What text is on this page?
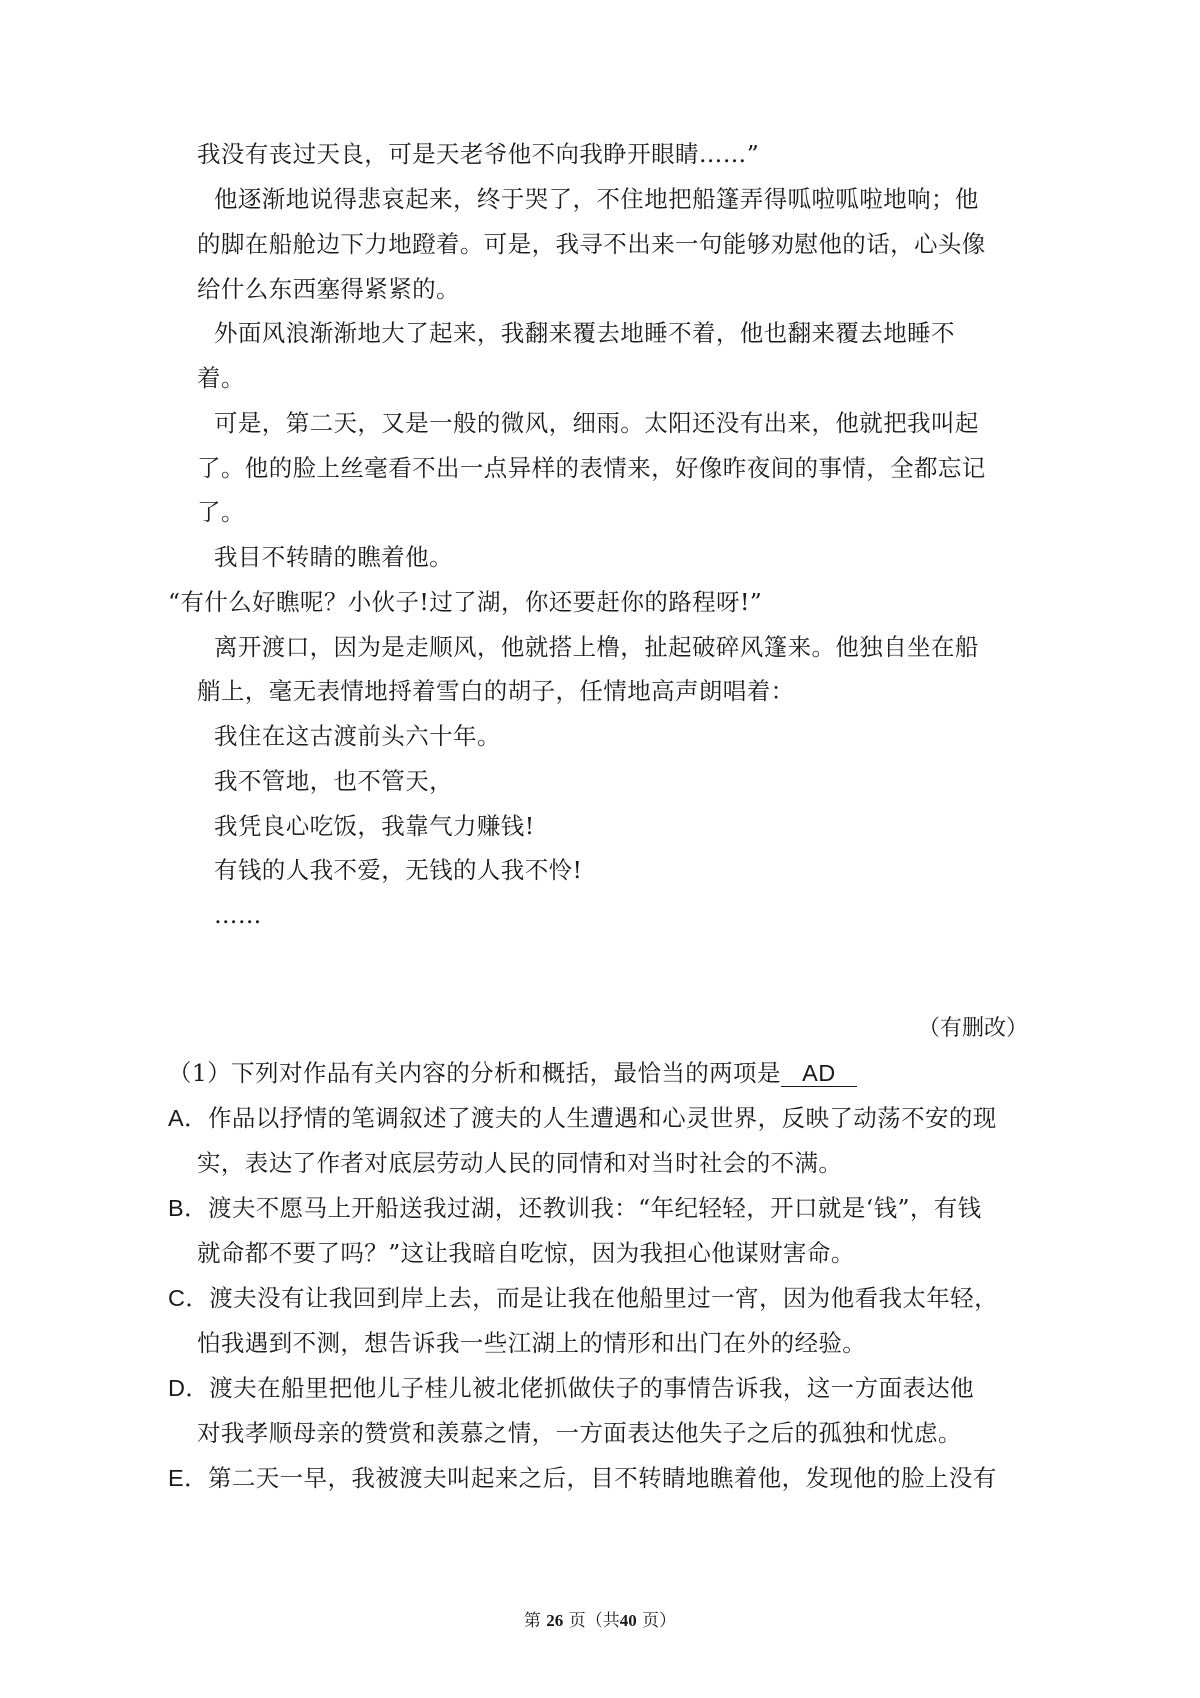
我没有丧过天良，可是天老爷他不向我睁开眼睛……”
他逐渐地说得悲哀起来，终于哭了，不住地把船篷弄得呱啦呱啦地响；他
的脚在船舱边下力地蹬着。可是，我寻不出来一句能够劝慰他的话，心头像
给什么东西塞得紧紧的。
外面风浪渐渐地大了起来，我翻来覆去地睡不着，他也翻来覆去地睡不
着。
可是，第二天，又是一般的微风，细雨。太阳还没有出来，他就把我叫起
了。他的脸上丝毫看不出一点异样的表情来，好像昨夜间的事情，全都忘记
了。
我目不转睛的瞧着他。
“有什么好瞧呢？小伙子!过了湖，你还要赶你的路程呀!”
离开渡口，因为是走顺风，他就搭上橹，扯起破碎风篷来。他独自坐在船
艄上，毫无表情地捋着雪白的胡子，任情地高声朗唱着：
我住在这古渡前头六十年。
我不管地，也不管天，
我凭良心吃饭，我靠气力赚钱!
有钱的人我不爱，无钱的人我不怜!
……
（有删改）
（1）下列对作品有关内容的分析和概括，最恰当的两项是 AD
A．作品以抒情的笔调叙述了渡夫的人生遭遇和心灵世界，反映了动荡不安的现
实，表达了作者对底层劳动人民的同情和对当时社会的不满。
B．渡夫不愿马上开船送我过湖，还教训我：“年纪轻轻，开口就是‘钱”，有钱
就命都不要了吗？”这让我暗自吃惊，因为我担心他谋财害命。
C．渡夫没有让我回到岸上去，而是让我在他船里过一宵，因为他看我太年轻，
怕我遇到不测，想告诉我一些江湖上的情形和出门在外的经验。
D．渡夫在船里把他儿子桂儿被北佬抓做伕子的事情告诉我，这一方面表达他
对我孝顺母亲的赞赏和羡慕之情，一方面表达他失子之后的孤独和忧虑。
E．第二天一早，我被渡夫叫起来之后，目不转睛地瞧着他，发现他的脸上没有
第 26 页（共40 页）
